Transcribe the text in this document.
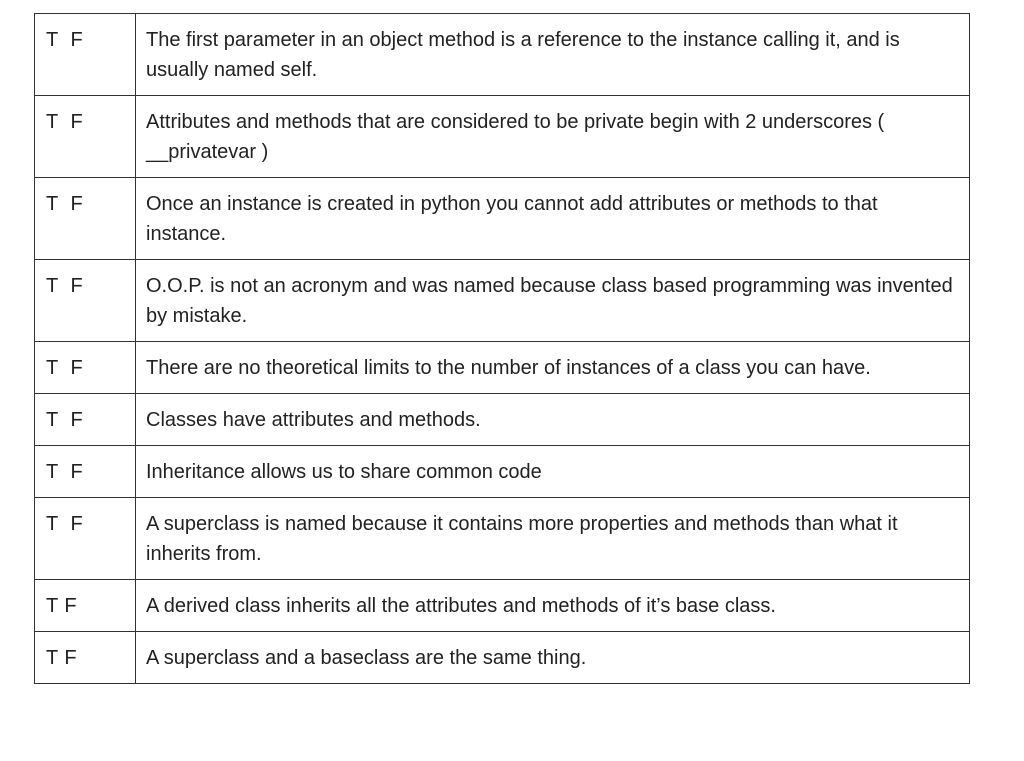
T  F	The first parameter in an object method is a reference to the instance calling it, and is usually named self.

T  F	Attributes and methods that are considered to be private begin with 2 underscores ( __privatevar )

T  F	Once an instance is created in python you cannot add attributes or methods to that instance.

T  F	O.O.P. is not an acronym and was named because class based programming was invented by mistake.

T  F	There are no theoretical limits to the number of instances of a class you can have.

T  F	Classes have attributes and methods.

T  F	Inheritance allows us to share common code

T  F	A superclass is named because it contains more properties and methods than what it inherits from.

T F	A derived class inherits all the attributes and methods of it’s base class.

T F	A superclass and a baseclass are the same thing.
